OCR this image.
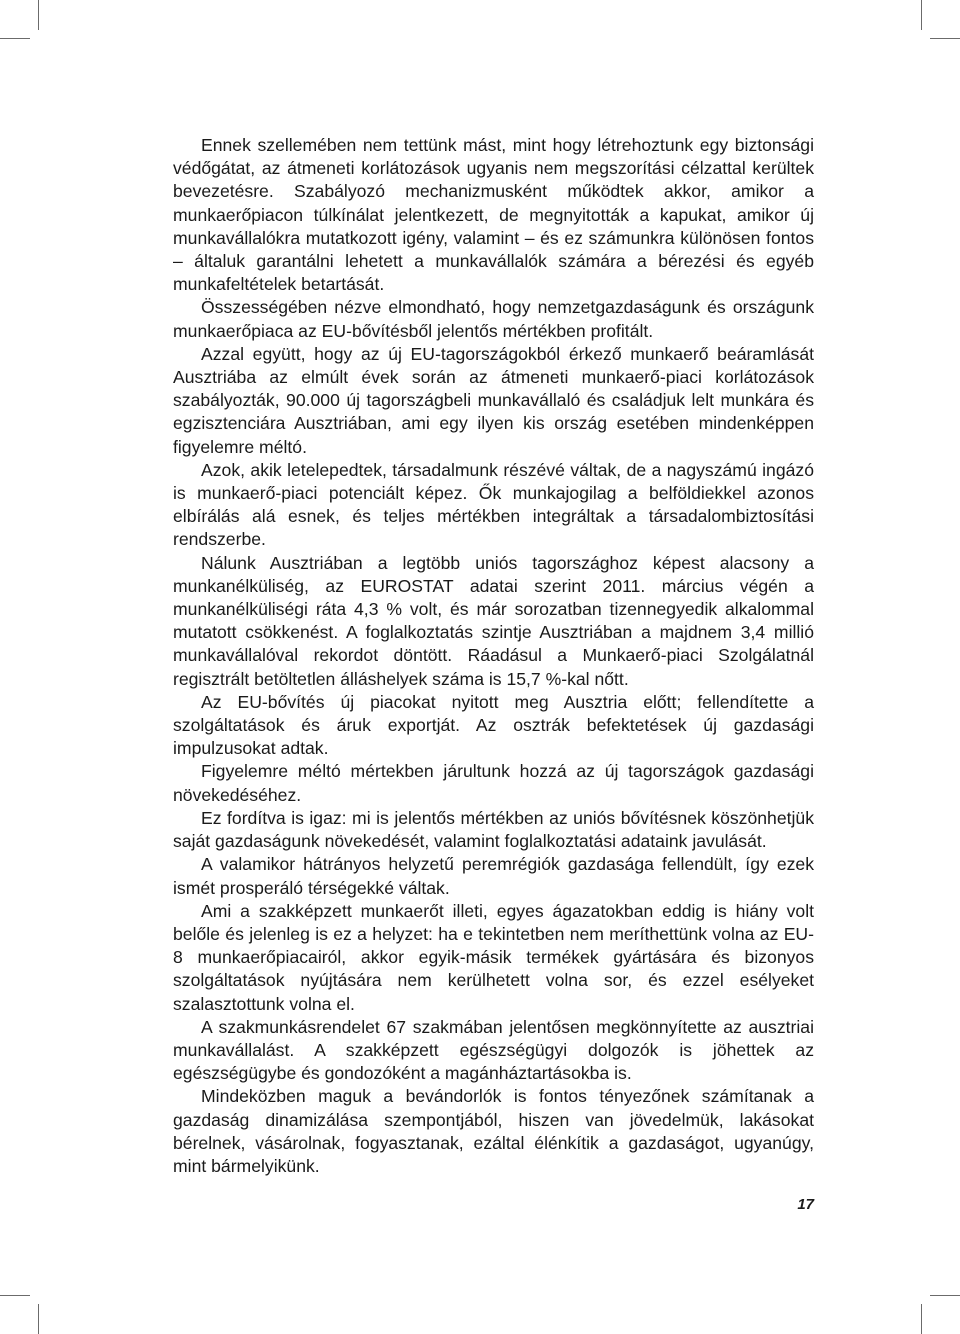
Ennek szellemében nem tettünk mást, mint hogy létrehoztunk egy biztonsági védőgátat, az átmeneti korlátozások ugyanis nem megszorítási célzattal kerültek bevezetésre. Szabályozó mechanizmusként működtek akkor, amikor a munkaerőpiacon túlkínálat jelentkezett, de megnyitották a kapukat, amikor új munkavállalókra mutatkozott igény, valamint – és ez számunkra különösen fontos – általuk garantálni lehetett a munkavállalók számára a bérezési és egyéb munkafeltételek betartását.

Összességében nézve elmondható, hogy nemzetgazdaságunk és országunk munkaerőpiaca az EU-bővítésből jelentős mértékben profitált.

Azzal együtt, hogy az új EU-tagországokból érkező munkaerő beáramlását Ausztriába az elmúlt évek során az átmeneti munkaerő-piaci korlátozások szabályozták, 90.000 új tagországbeli munkavállaló és családjuk lelt munkára és egzisztenciára Ausztriában, ami egy ilyen kis ország esetében mindenképpen figyelemre méltó.

Azok, akik letelepedtek, társadalmunk részévé váltak, de a nagyszámú ingázó is munkaerő-piaci potenciált képez. Ők munkajogilag a belföldiekkel azonos elbírálás alá esnek, és teljes mértékben integráltak a társadalombiztosítási rendszerbe.

Nálunk Ausztriában a legtöbb uniós tagországhoz képest alacsony a munkanélküliség, az EUROSTAT adatai szerint 2011. március végén a munkanélküliségi ráta 4,3 % volt, és már sorozatban tizennegyedik alkalommal mutatott csökkenést. A foglalkoztatás szintje Ausztriában a majdnem 3,4 millió munkavállalóval rekordot döntött. Ráadásul a Munkaerő-piaci Szolgálatnál regisztrált betöltetlen álláshelyek száma is 15,7 %-kal nőtt.

Az EU-bővítés új piacokat nyitott meg Ausztria előtt; fellendítette a szolgáltatások és áruk exportját. Az osztrák befektetések új gazdasági impulzusokat adtak.

Figyelemre méltó mértekben járultunk hozzá az új tagországok gazdasági növekedéséhez.

Ez fordítva is igaz: mi is jelentős mértékben az uniós bővítésnek köszönhetjük saját gazdaságunk növekedését, valamint foglalkoztatási adataink javulását.

A valamikor hátrányos helyzetű peremrégiók gazdasága fellendült, így ezek ismét prosperáló térségekké váltak.

Ami a szakképzett munkaerőt illeti, egyes ágazatokban eddig is hiány volt belőle és jelenleg is ez a helyzet: ha e tekintetben nem meríthettünk volna az EU-8 munkaerőpiacairól, akkor egyik-másik termékek gyártására és bizonyos szolgáltatások nyújtására nem kerülhetett volna sor, és ezzel esélyeket szalasztottunk volna el.

A szakmunkásrendelet 67 szakmában jelentősen megkönnyítette az ausztriai munkavállalást. A szakképzett egészségügyi dolgozók is jöhettek az egészségügybe és gondozóként a magánháztartásokba is.

Mindeközben maguk a bevándorlók is fontos tényezőnek számítanak a gazdaság dinamizálása szempontjából, hiszen van jövedelmük, lakásokat bérelnek, vásárolnak, fogyasztanak, ezáltal élénkítik a gazdaságot, ugyanúgy, mint bármelyikünk.

17
